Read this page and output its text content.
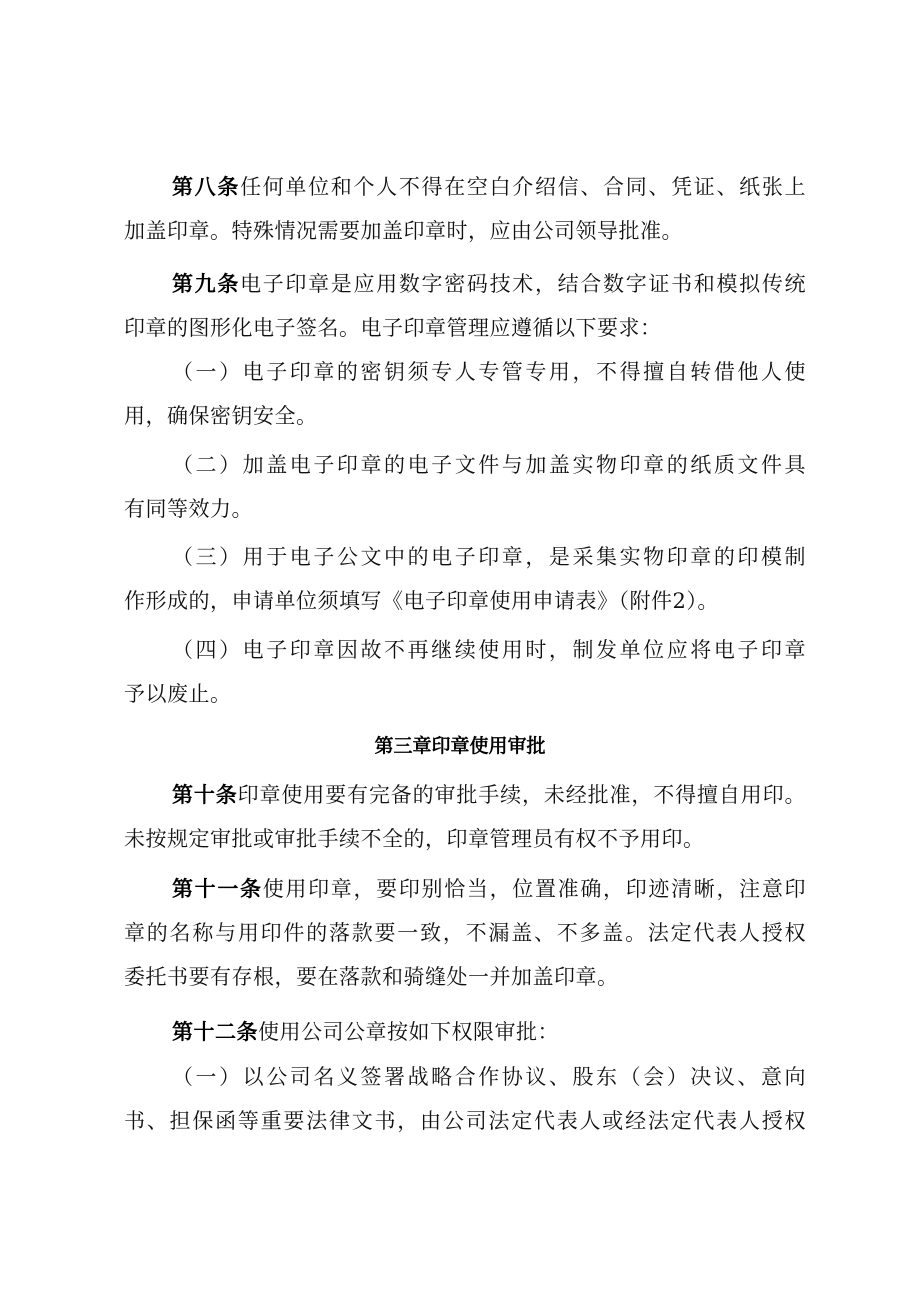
第八条任何单位和个人不得在空白介绍信、合同、凭证、纸张上
加盖印章。特殊情况需要加盖印章时，应由公司领导批准。
第九条电子印章是应用数字密码技术，结合数字证书和模拟传统
印章的图形化电子签名。电子印章管理应遵循以下要求：
（一）电子印章的密钥须专人专管专用，不得擅自转借他人使
用，确保密钥安全。
（二）加盖电子印章的电子文件与加盖实物印章的纸质文件具
有同等效力。
（三）用于电子公文中的电子印章，是采集实物印章的印模制
作形成的，申请单位须填写《电子印章使用申请表》（附件2）。
（四）电子印章因故不再继续使用时，制发单位应将电子印章
予以废止。
第三章印章使用审批
第十条印章使用要有完备的审批手续，未经批准，不得擅自用印。
未按规定审批或审批手续不全的，印章管理员有权不予用印。
第十一条使用印章，要印别恰当，位置准确，印迹清晰，注意印
章的名称与用印件的落款要一致，不漏盖、不多盖。法定代表人授权
委托书要有存根，要在落款和骑缝处一并加盖印章。
第十二条使用公司公章按如下权限审批：
（一）以公司名义签署战略合作协议、股东（会）决议、意向
书、担保函等重要法律文书，由公司法定代表人或经法定代表人授权
